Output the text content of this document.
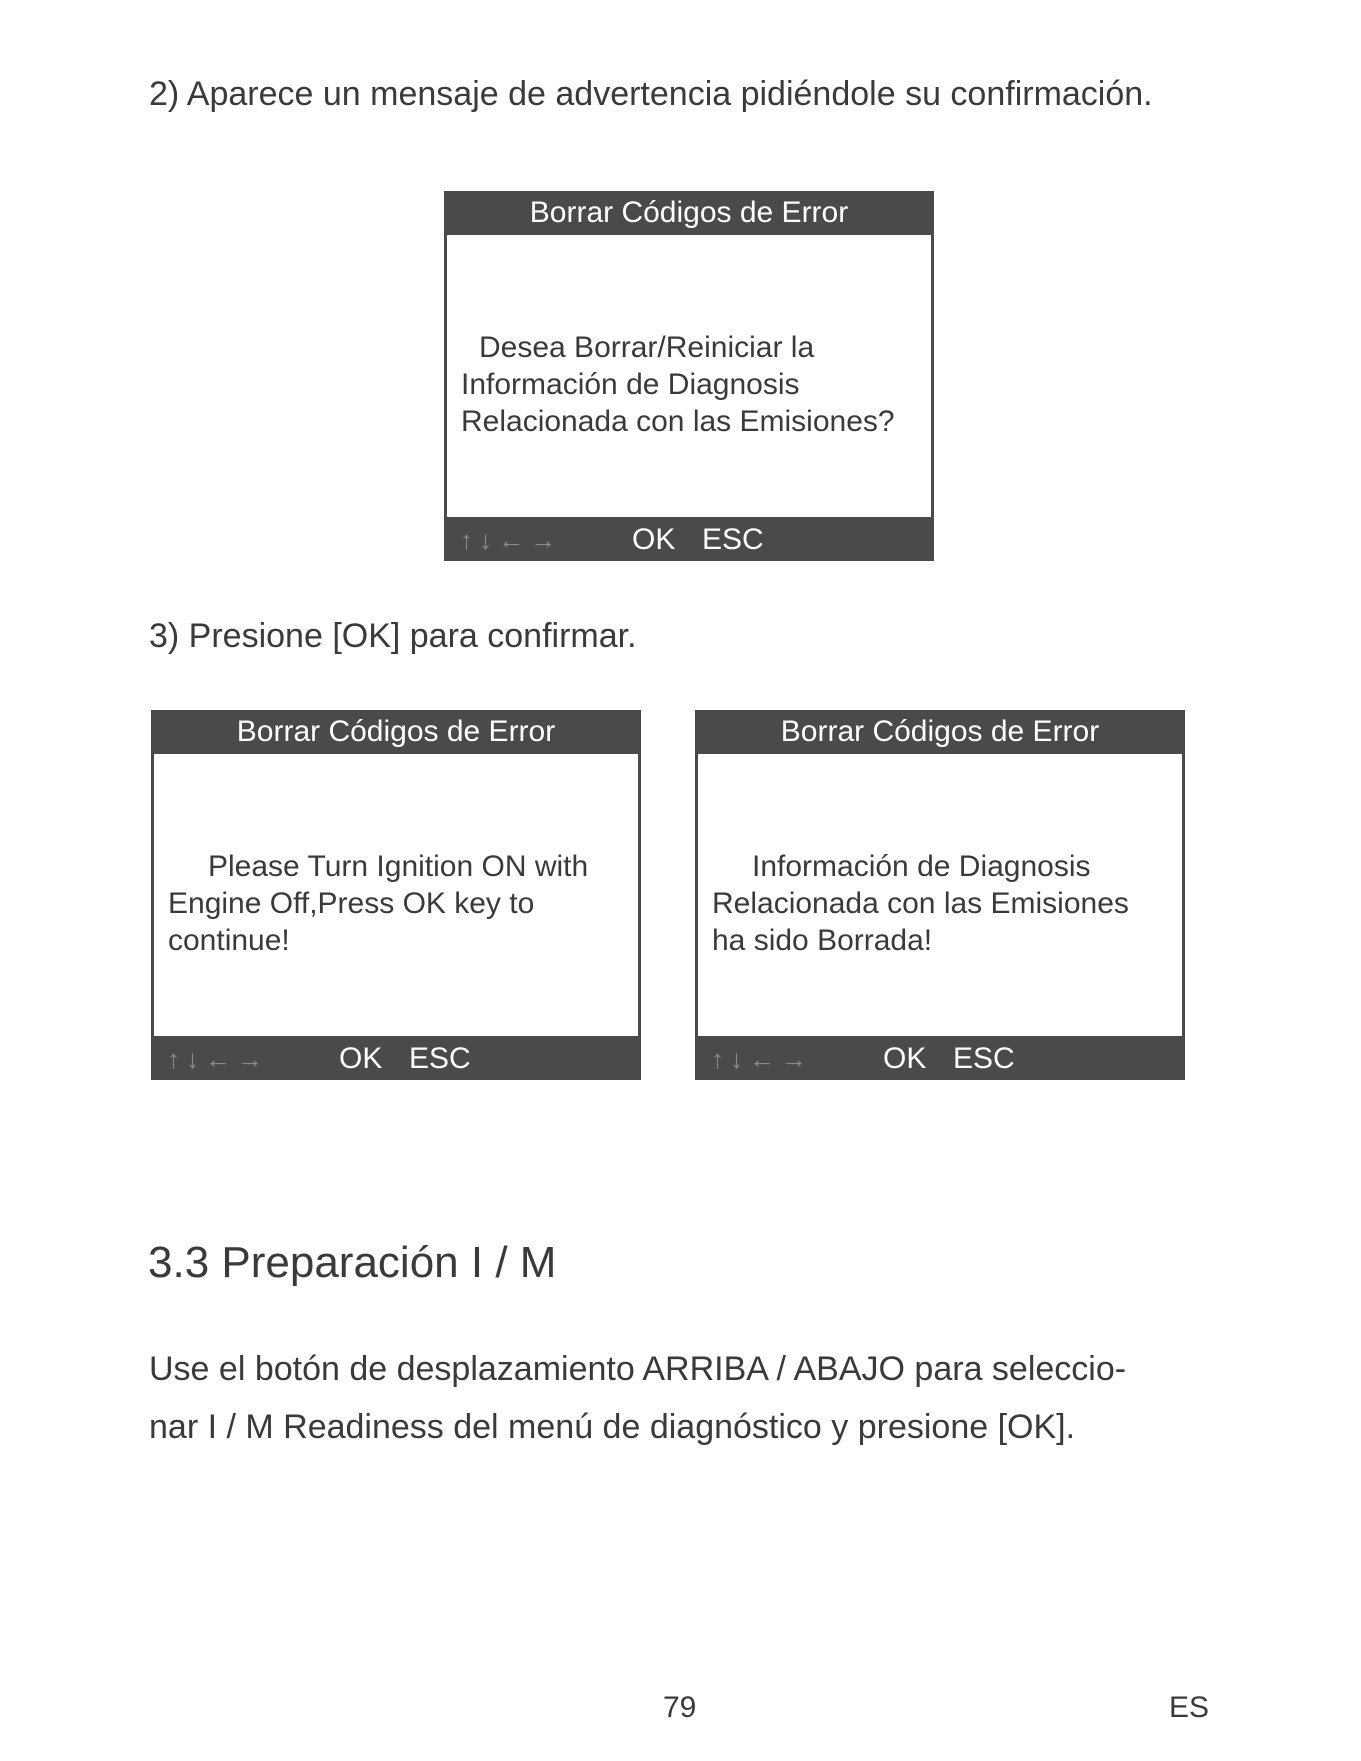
2) Aparece un mensaje de advertencia pidiéndole su confirmación.

Borrar Códigos de Error
Desea Borrar/Reiniciar la
Información de Diagnosis
Relacionada con las Emisiones?
↑↓←→ OK ESC

3) Presione [OK] para confirmar.

Borrar Códigos de Error
Please Turn Ignition ON with
Engine Off,Press OK key to
continue!
↑↓←→ OK ESC
Borrar Códigos de Error
Información de Diagnosis
Relacionada con las Emisiones
ha sido Borrada!
↑↓←→ OK ESC
3.3 Preparación I / M
Use el botón de desplazamiento ARRIBA / ABAJO para seleccio-
nar I / M Readiness del menú de diagnóstico y presione [OK].
79	ES
